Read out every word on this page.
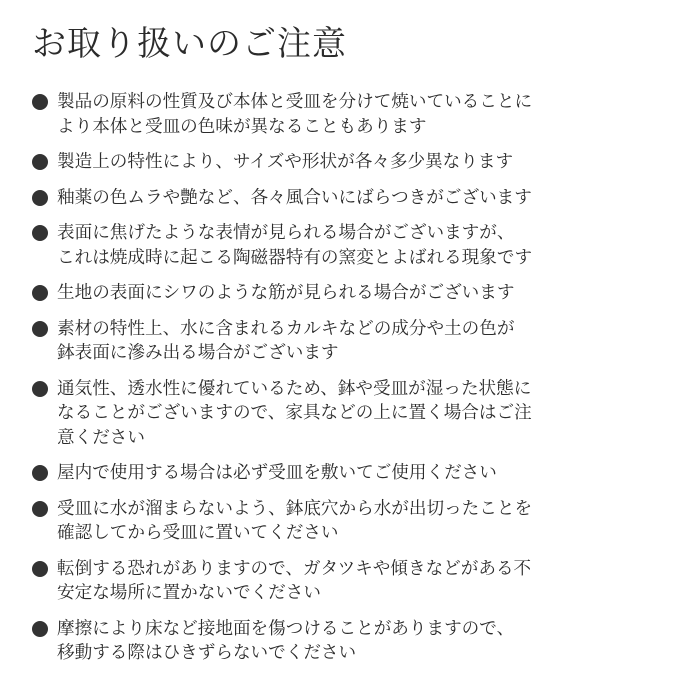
お取り扱いのご注意
製品の原料の性質及び本体と受皿を分けて焼いていることに
より本体と受皿の色味が異なることもあります
製造上の特性により、サイズや形状が各々多少異なります
釉薬の色ムラや艶など、各々風合いにばらつきがございます
表面に焦げたような表情が見られる場合がございますが、
これは焼成時に起こる陶磁器特有の窯変とよばれる現象です
生地の表面にシワのような筋が見られる場合がございます
素材の特性上、水に含まれるカルキなどの成分や土の色が
鉢表面に滲み出る場合がございます
通気性、透水性に優れているため、鉢や受皿が湿った状態に
なることがございますので、家具などの上に置く場合はご注
意ください
屋内で使用する場合は必ず受皿を敷いてご使用ください
受皿に水が溜まらないよう、鉢底穴から水が出切ったことを
確認してから受皿に置いてください
転倒する恐れがありますので、ガタツキや傾きなどがある不
安定な場所に置かないでください
摩擦により床など接地面を傷つけることがありますので、
移動する際はひきずらないでください
